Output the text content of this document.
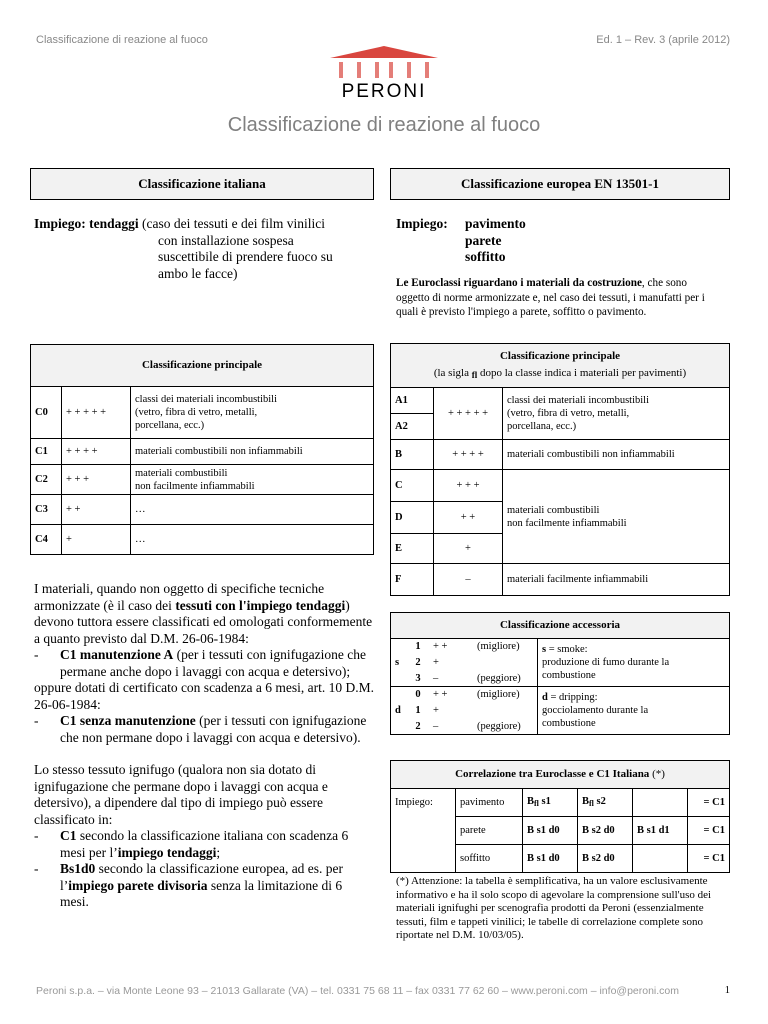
Classificazione di reazione al fuoco	Ed. 1 – Rev. 3 (aprile 2012)
PERONI
Classificazione di reazione al fuoco
Classificazione italiana
Impiego: tendaggi (caso dei tessuti e dei film vinilici
con installazione sospesa
suscettibile di prendere fuoco su
ambo le facce)
Classificazione principale		
C0	+ + + + +	classi dei materiali incombustibili
(vetro, fibra di vetro, metalli,
porcellana, ecc.)

C1	+ + + +	materiali combustibili non infiammabili
C2	+ + +	materiali combustibili
non facilmente infiammabili

C3	+ +	…
C4	+	…
I materiali, quando non oggetto di specifiche tecniche armonizzate (è il caso dei tessuti con l'impiego tendaggi) devono tuttora essere classificati ed omologati conformemente a quanto previsto dal D.M. 26-06-1984:
- C1 manutenzione A (per i tessuti con ignifugazione che permane anche dopo i lavaggi con acqua e detersivo);
oppure dotati di certificato con scadenza a 6 mesi, art. 10 D.M. 26-06-1984:
- C1 senza manutenzione (per i tessuti con ignifugazione che non permane dopo i lavaggi con acqua e detersivo).
Lo stesso tessuto ignifugo (qualora non sia dotato di ignifugazione che permane dopo i lavaggi con acqua e detersivo), a dipendere dal tipo di impiego può essere classificato in:
- C1 secondo la classificazione italiana con scadenza 6 mesi per l’impiego tendaggi;
- Bs1d0 secondo la classificazione europea, ad es. per l’impiego parete divisoria senza la limitazione di 6 mesi.
Classificazione europea EN 13501-1
Impiego: pavimento
parete
soffitto
Le Euroclassi riguardano i materiali da costruzione, che sono oggetto di norme armonizzate e, nel caso dei tessuti, i manufatti per i quali è previsto l'impiego a parete, soffitto o pavimento.
Classificazione principale
(la sigla fl dopo la classe indica i materiali per pavimenti)		

A1	+ + + + +	classi dei materiali incombustibili
(vetro, fibra di vetro, metalli,
porcellana, ecc.)

A2		
B	+ + + +	materiali combustibili non infiammabili
C	+ + +	materiali combustibili
non facilmente infiammabili

D	+ +	
E	+	
F	–	materiali facilmente infiammabili
Classificazione accessoria				
s	1	+ +	(migliore)	s = smoke:
produzione di fumo durante la
combustione

	2	+		
	3	–	(peggiore)	
d	0	+ +	(migliore)	d = dripping:
gocciolamento durante la
combustione

	1	+		
	2	–	(peggiore)	
Correlazione tra Euroclasse e C1 Italiana (*)					
Impiego:	pavimento	Bfl s1	Bfl s2		= C1
	parete	B s1 d0	B s2 d0	B s1 d1	= C1
	soffitto	B s1 d0	B s2 d0		= C1
(*) Attenzione: la tabella è semplificativa, ha un valore esclusivamente informativo e ha il solo scopo di agevolare la comprensione sull'uso dei materiali ignifughi per scenografia prodotti da Peroni (essenzialmente tessuti, film e tappeti vinilici; le tabelle di correlazione complete sono riportate nel D.M. 10/03/05).
Peroni s.p.a. – via Monte Leone 93 – 21013 Gallarate (VA) – tel. 0331 75 68 11 – fax 0331 77 62 60 – www.peroni.com – info@peroni.com	1
